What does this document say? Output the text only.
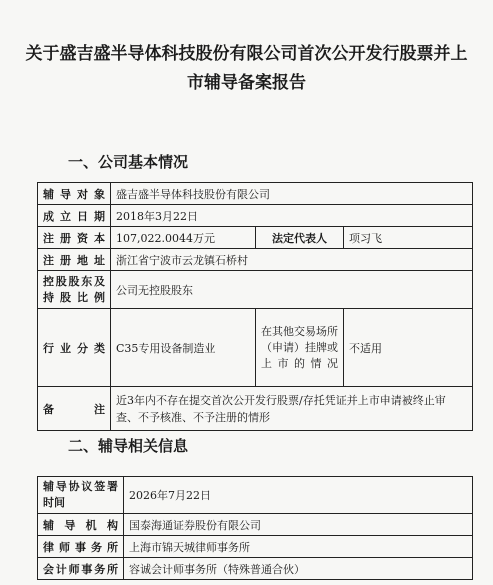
关于盛吉盛半导体科技股份有限公司首次公开发行股票并上市辅导备案报告
一、公司基本情况
辅导对象	盛吉盛半导体科技股份有限公司		
成立日期	2018年3月22日		
注册资本	107,022.0044万元	法定代表人	项习飞
注册地址	浙江省宁波市云龙镇石桥村		

控股股东及
持股比例	公司无控股股东		
行业分类	C35专用设备制造业	在其他交易场所（申请）挂牌或上市的情况	不适用
备注	近3年内不存在提交首次公开发行股票/存托凭证并上市申请被终止审查、不予核准、不予注册的情形		
二、辅导相关信息
辅导协议签署
时间	2026年7月22日
辅导机构	国泰海通证券股份有限公司
律师事务所	上海市锦天城律师事务所
会计师事务所	容诚会计师事务所（特殊普通合伙）
